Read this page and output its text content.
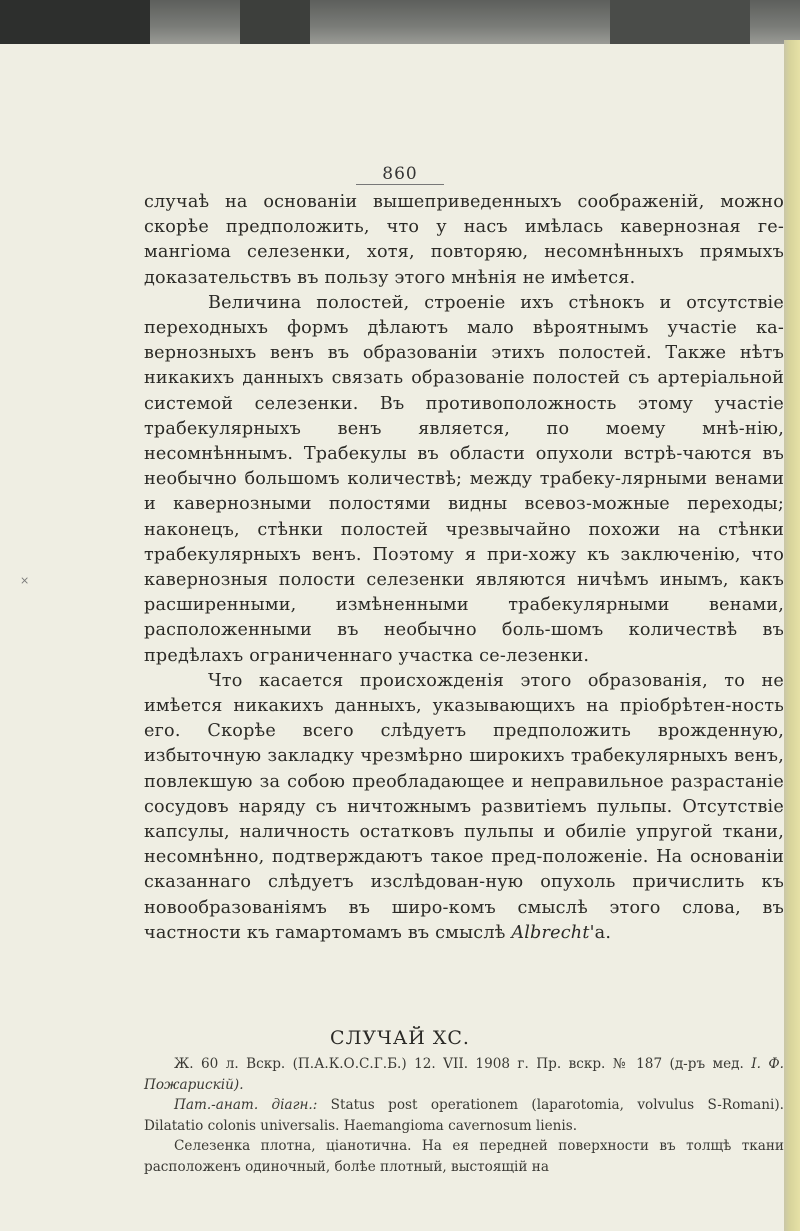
860
×

случаѣ на основаніи вышеприведенныхъ соображеній, можно скорѣе предположить, что у насъ имѣлась кавернозная ге-мангіома селезенки, хотя, повторяю, несомнѣнныхъ прямыхъ доказательствъ въ пользу этого мнѣнія не имѣется.

Величина полостей, строеніе ихъ стѣнокъ и отсутствіе переходныхъ формъ дѣлаютъ мало вѣроятнымъ участіе ка-вернозныхъ венъ въ образованіи этихъ полостей. Также нѣтъ никакихъ данныхъ связать образованіе полостей съ артеріальной системой селезенки. Въ противоположность этому участіе трабекулярныхъ венъ является, по моему мнѣ-нію, несомнѣннымъ. Трабекулы въ области опухоли встрѣ-чаются въ необычно большомъ количествѣ; между трабеку-лярными венами и кавернозными полостями видны всевоз-можные переходы; наконецъ, стѣнки полостей чрезвычайно похожи на стѣнки трабекулярныхъ венъ. Поэтому я при-хожу къ заключенію, что кавернозныя полости селезенки являются ничѣмъ инымъ, какъ расширенными, измѣненными трабекулярными венами, расположенными въ необычно боль-шомъ количествѣ въ предѣлахъ ограниченнаго участка се-лезенки.

Что касается происхожденія этого образованія, то не имѣется никакихъ данныхъ, указывающихъ на пріобрѣтен-ность его. Скорѣе всего слѣдуетъ предположить врожденную, избыточную закладку чрезмѣрно широкихъ трабекулярныхъ венъ, повлекшую за собою преобладающее и неправильное разрастаніе сосудовъ наряду съ ничтожнымъ развитіемъ пульпы. Отсутствіе капсулы, наличность остатковъ пульпы и обиліе упругой ткани, несомнѣнно, подтверждаютъ такое пред-положеніе. На основаніи сказаннаго слѣдуетъ изслѣдован-ную опухоль причислить къ новообразованіямъ въ широ-комъ смыслѣ этого слова, въ частности къ гамартомамъ въ смыслѣ Albrecht'а.

СЛУЧАЙ ХС.

Ж. 60 л. Вскр. (П.А.К.О.С.Г.Б.) 12. VII. 1908 г. Пр. вскр. № 187 (д-ръ мед. І. Ф. Пожарискій).

Пат.-анат. діагн.: Status post operationem (laparotomia, volvulus S-Romani). Dilatatio colonis universalis. Haemangioma cavernosum lienis.

Селезенка плотна, ціанотична. На ея передней поверхности въ толщѣ ткани расположенъ одиночный, болѣе плотный, выстоящій на
